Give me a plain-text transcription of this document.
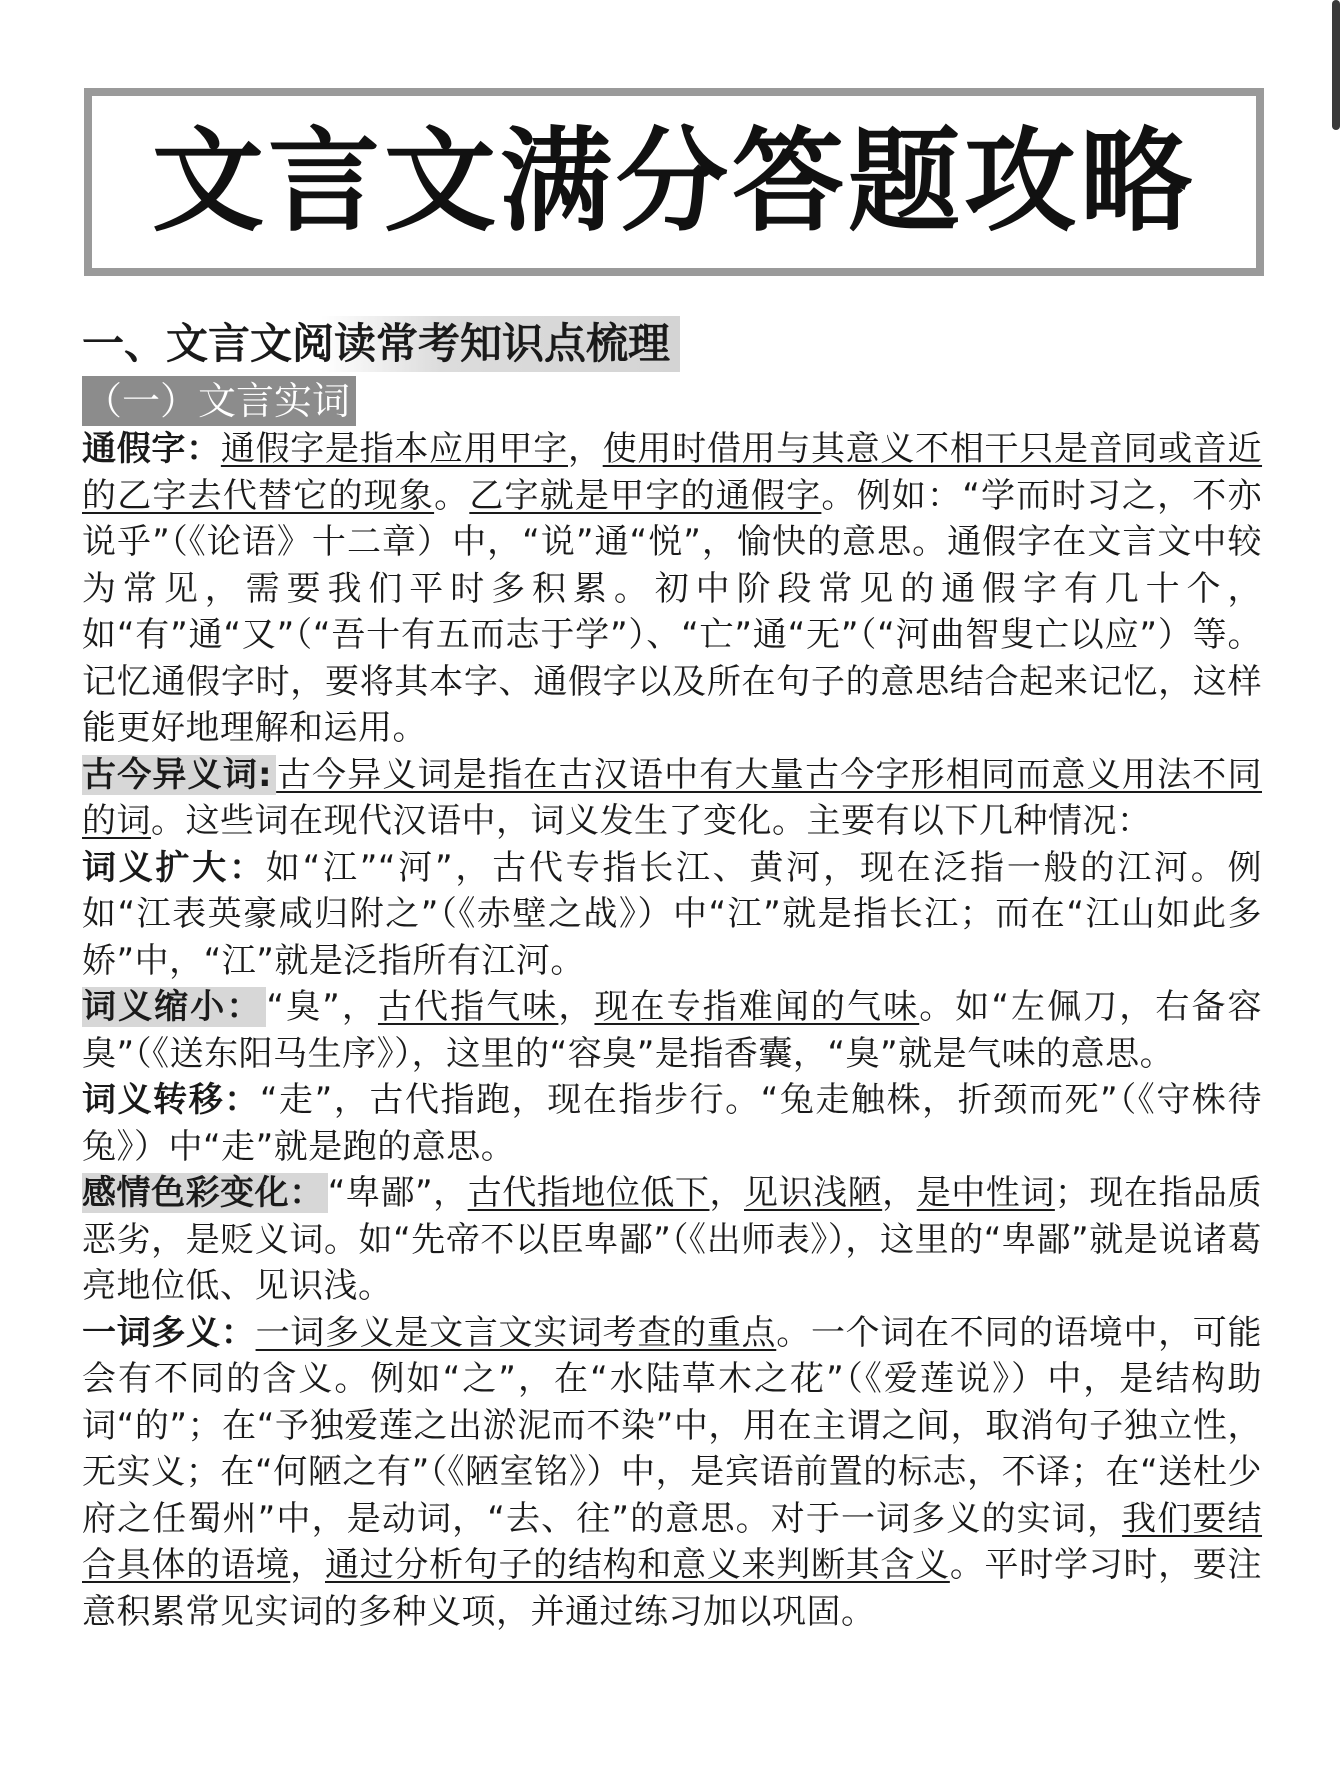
文言文满分答题攻略
一、文言文阅读常考知识点梳理
（一）文言实词

通假字：通假字是指本应用甲字，使用时借用与其意义不相干只是音同或音近的乙字去代替它的现象。乙字就是甲字的通假字。例如：“学而时习之，不亦说乎”（《论语》十二章）中，“说”通“悦”，愉快的意思。通假字在文言文中较为常见，需要我们平时多积累。初中阶段常见的通假字有几十个，如“有”通“又”（“吾十有五而志于学”）、“亡”通“无”（“河曲智叟亡以应”）等。记忆通假字时，要将其本字、通假字以及所在句子的意思结合起来记忆，这样能更好地理解和运用。

古今异义词: 古今异义词是指在古汉语中有大量古今字形相同而意义用法不同的词。这些词在现代汉语中，词义发生了变化。主要有以下几种情况：

词义扩大：如“江”“河”，古代专指长江、黄河，现在泛指一般的江河。例如“江表英豪咸归附之”（《赤壁之战》）中“江”就是指长江；而在“江山如此多娇”中，“江”就是泛指所有江河。

词义缩小： “臭”，古代指气味，现在专指难闻的气味。如“左佩刀，右备容臭”（《送东阳马生序》），这里的“容臭”是指香囊，“臭”就是气味的意思。

词义转移：“走”，古代指跑，现在指步行。“兔走触株，折颈而死”（《守株待兔》）中“走”就是跑的意思。

感情色彩变化： “卑鄙”，古代指地位低下，见识浅陋，是中性词；现在指品质恶劣，是贬义词。如“先帝不以臣卑鄙”（《出师表》），这里的“卑鄙”就是说诸葛亮地位低、见识浅。

一词多义：一词多义是文言文实词考查的重点。一个词在不同的语境中，可能会有不同的含义。例如“之”，在“水陆草木之花”（《爱莲说》）中，是结构助词“的”；在“予独爱莲之出淤泥而不染”中，用在主谓之间，取消句子独立性，无实义；在“何陋之有”（《陋室铭》）中，是宾语前置的标志，不译；在“送杜少府之任蜀州”中，是动词，“去、往”的意思。对于一词多义的实词，我们要结合具体的语境，通过分析句子的结构和意义来判断其含义。平时学习时，要注意积累常见实词的多种义项，并通过练习加以巩固。
